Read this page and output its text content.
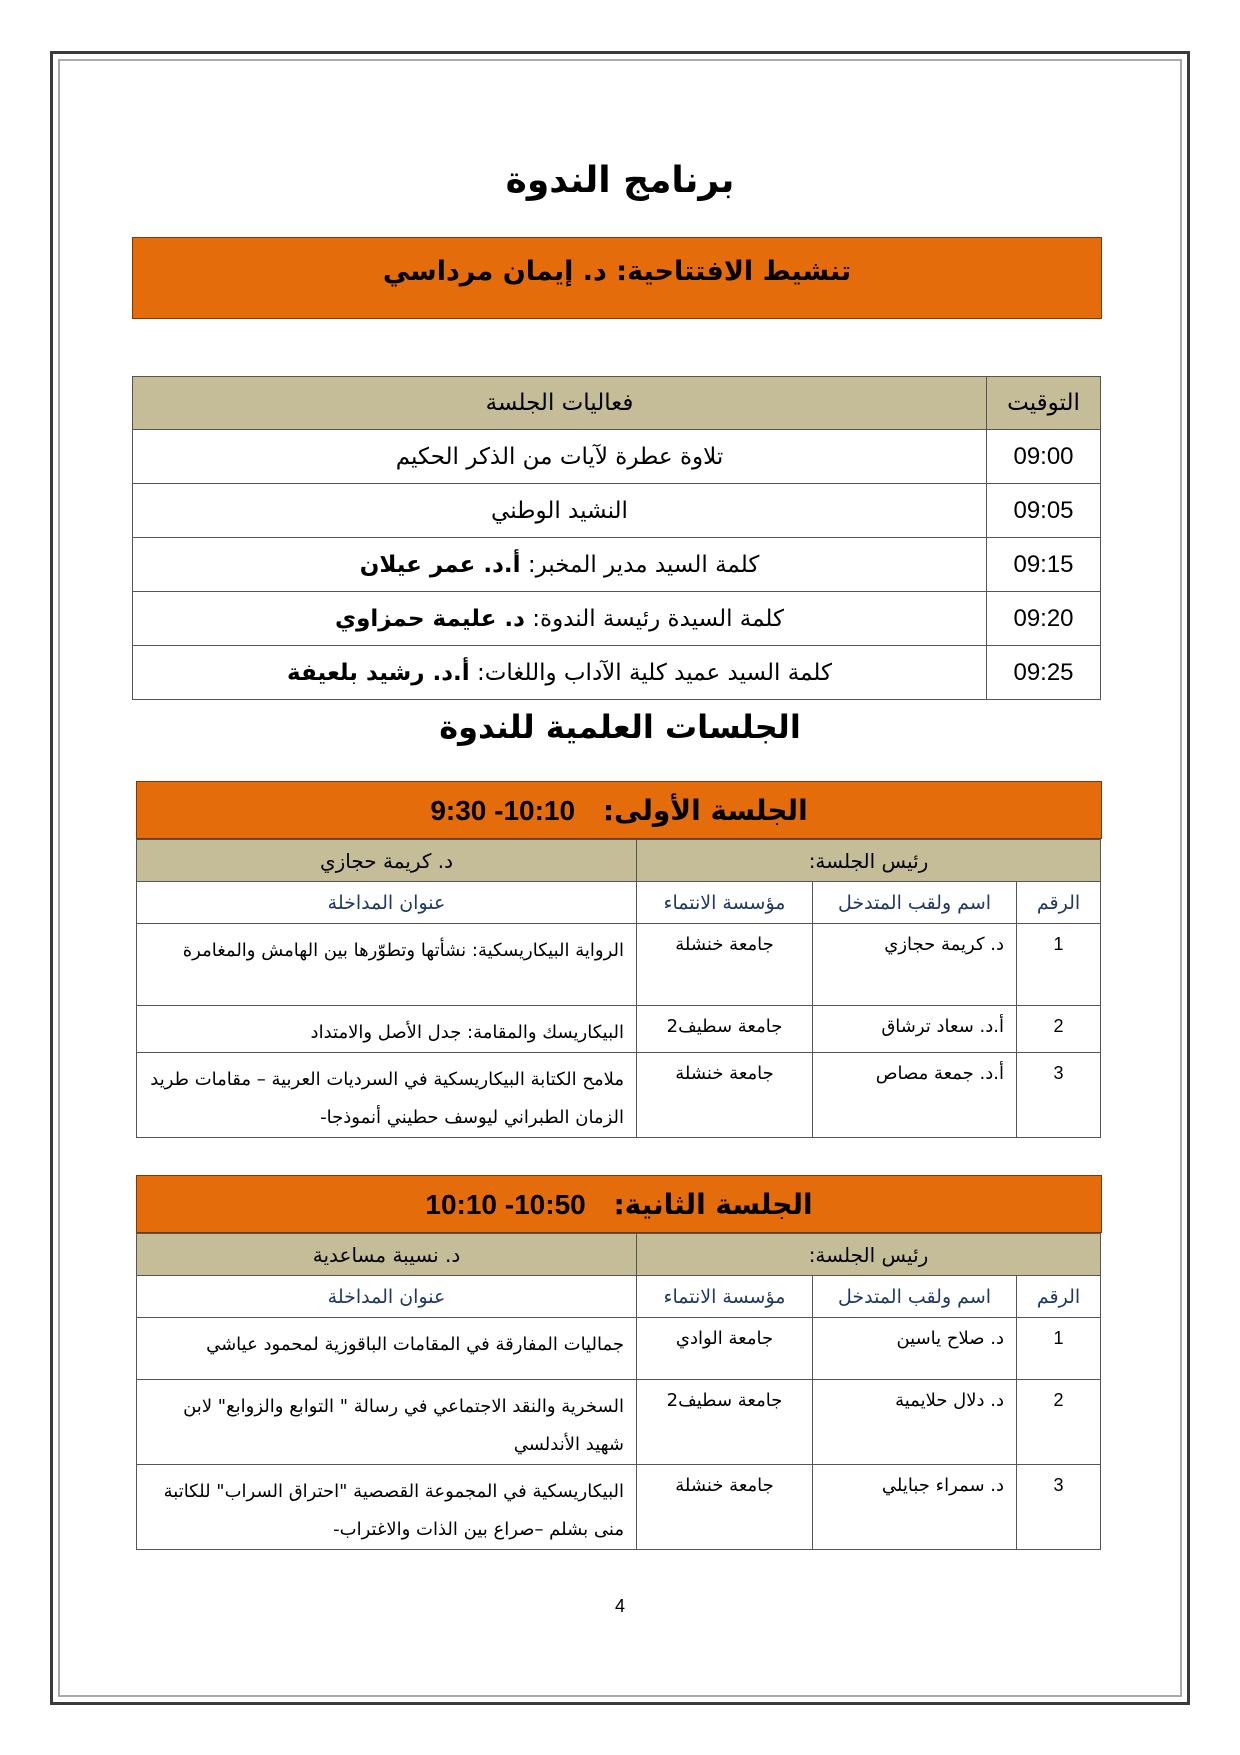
برنامج الندوة
تنشيط الافتتاحية: د. إيمان مرداسي
التوقيت	فعاليات الجلسة
09:00	تلاوة عطرة لآيات من الذكر الحكيم
09:05	النشيد الوطني
09:15	كلمة السيد مدير المخبر: أ.د. عمر عيلان
09:20	كلمة السيدة رئيسة الندوة: د. عليمة حمزاوي
09:25	كلمة السيد عميد كلية الآداب واللغات: أ.د. رشيد بلعيفة
الجلسات العلمية للندوة
الجلسة الأولى: 9:30 -10:10
رئيس الجلسة:			د. كريمة حجازي
الرقم	اسم ولقب المتدخل	مؤسسة الانتماء	عنوان المداخلة
1	د. كريمة حجازي	جامعة خنشلة	الرواية البيكاريسكية: نشأتها وتطوّرها بين الهامش والمغامرة
2	أ.د. سعاد ترشاق	جامعة سطيف2	البيكاريسك والمقامة: جدل الأصل والامتداد
3	أ.د. جمعة مصاص	جامعة خنشلة	ملامح الكتابة البيكاريسكية في السرديات العربية – مقامات طريد الزمان الطبراني ليوسف حطيني أنموذجا-
الجلسة الثانية: 10:10 -10:50
رئيس الجلسة:			د. نسيبة مساعدية
الرقم	اسم ولقب المتدخل	مؤسسة الانتماء	عنوان المداخلة
1	د. صلاح ياسين	جامعة الوادي	جماليات المفارقة في المقامات الباقوزية لمحمود عياشي
2	د. دلال حلايمية	جامعة سطيف2	السخرية والنقد الاجتماعي في رسالة " التوابع والزوابع" لابن شهيد الأندلسي
3	د. سمراء جبايلي	جامعة خنشلة	البيكاريسكية في المجموعة القصصية "احتراق السراب" للكاتبة منى بشلم –صراع بين الذات والاغتراب-
4
